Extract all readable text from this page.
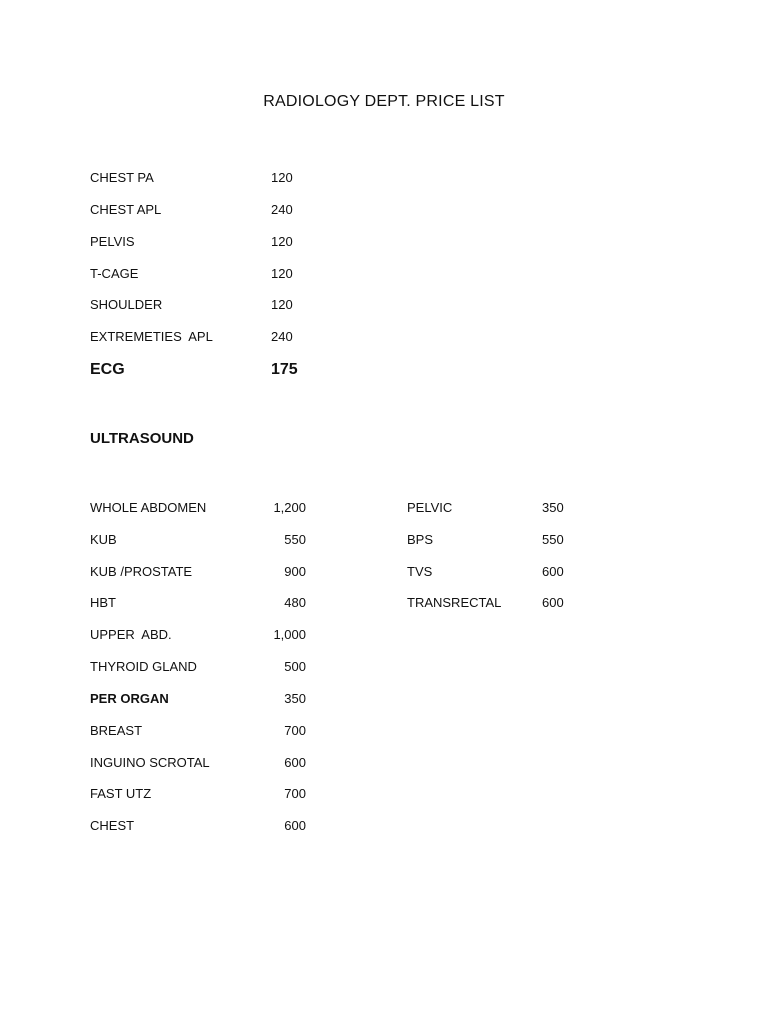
RADIOLOGY DEPT. PRICE LIST
CHEST PA	120
CHEST APL	240
PELVIS	120
T-CAGE	120
SHOULDER	120
EXTREMETIES  APL	240
ECG	175
ULTRASOUND
WHOLE ABDOMEN	1,200
KUB	550
KUB /PROSTATE	900
HBT	480
UPPER  ABD.	1,000
THYROID GLAND	500
PER ORGAN	350
BREAST	700
INGUINO SCROTAL	600
FAST UTZ	700
CHEST	600
PELVIC	350
BPS	550
TVS	600
TRANSRECTAL	600
